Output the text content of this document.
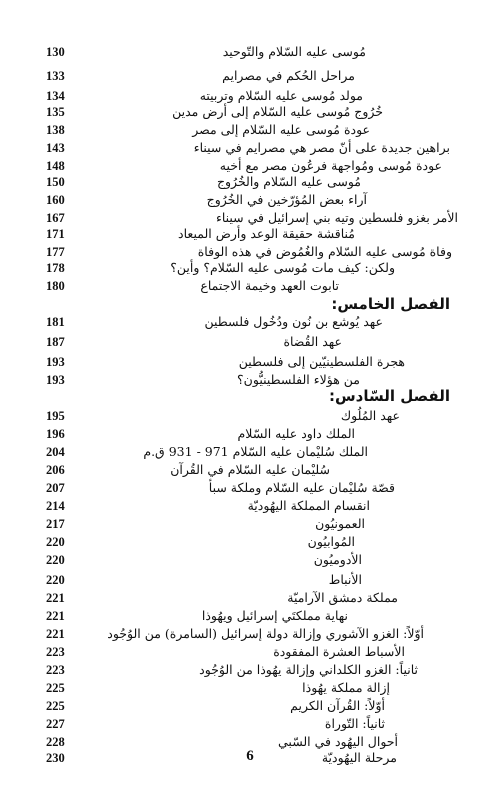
مُوسى عليه السّلام والتّوحيد
130
مراحل الحُكم في مصرايم
133
مولد مُوسى عليه السّلام وتربيته
134
خُرُوج مُوسى عليه السّلام إلى أرض مدين
135
عودة مُوسى عليه السّلام إلى مصر
138
براهين جديدة على أنّ مصر هي مصرايم في سيناء
143
عودة مُوسى ومُواجهة فرعُون مصر مع أخيه
148
مُوسى عليه السّلام والخُرُوج
150
آراء بعض المُؤرّخين في الخُرُوج
160
الأمر بغزو فلسطين وتيه بني إسرائيل في سيناء
167
مُناقشة حقيقة الوعد وأرض الميعاد
171
وفاة مُوسى عليه السّلام والغُمُوض في هذه الوفاة
177
ولكن: كيف مات مُوسى عليه السّلام؟ وأين؟
178
تابوت العهد وخيمة الاجتماع
180
الفصل الخامس:
عهد يُوشع بن نُون ودُخُول فلسطين
181
عهد القُضاة
187
هجرة الفلسطينيّين إلى فلسطين
193
من هؤلاء الفلسطينيُّون؟
193
الفصل السّادس:
عهد المُلُوك
195
الملك داود عليه السّلام
196
الملك سُليْمان عليه السّلام 971 - 931 ق.م
204
سُليْمان عليه السّلام في القُرآن
206
قصّة سُليْمان عليه السّلام وملكة سبأ
207
انقسام المملكة اليهُوديّة
214
العمونيُون
217
المُوابيُون
220
الأدوميُون
220
الأنباط
220
مملكة دمشق الآراميّة
221
نهاية مملكتَي إسرائيل ويهُوذا
221
أوّلاً: الغزو الآشوري وإزالة دولة إسرائيل (السامرة) من الوُجُود
221
الأسباط العشرة المفقودة
223
ثانياً: الغزو الكلداني وإزالة يهُوذا من الوُجُود
223
إزالة مملكة يهُوذا
225
أوّلاً: القُرآن الكريم
225
ثانياً: التّوراة
227
أحوال اليهُود في السّبي
228
مرحلة اليهُوديّة
230	6
